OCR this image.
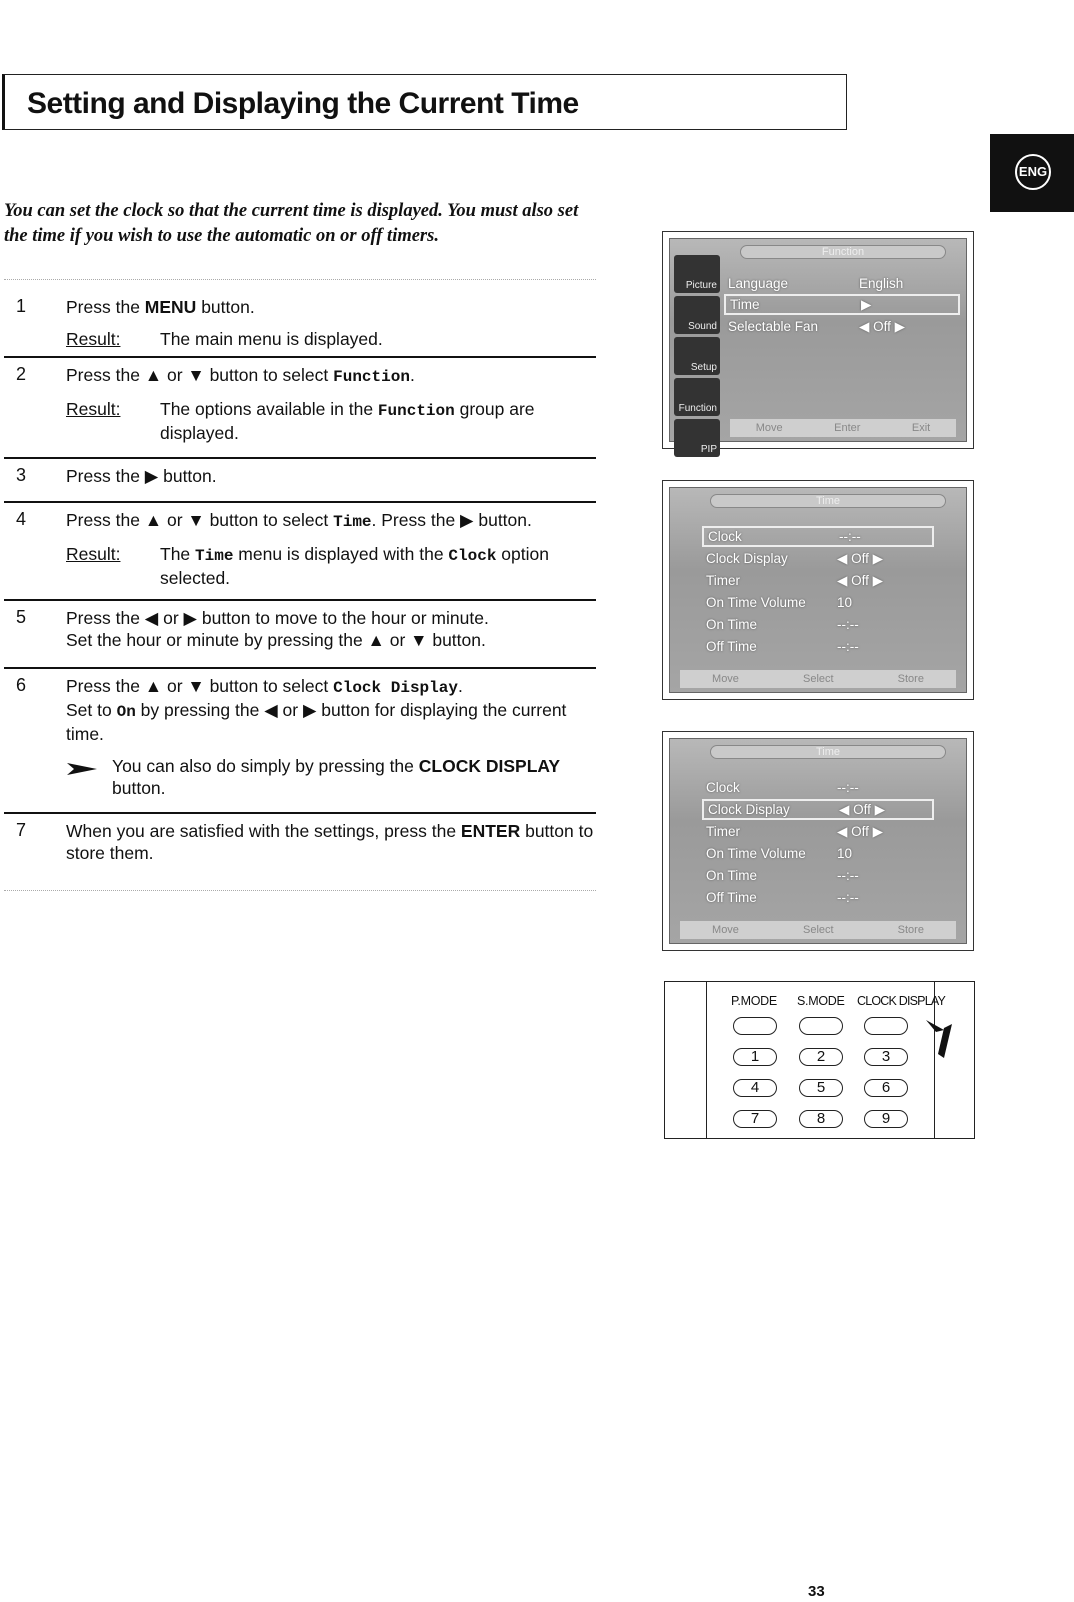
Setting and Displaying the Current Time
ENG

You can set the clock so that the current time is displayed. You must also set the time if you wish to use the automatic on or off timers.

1 Press the MENU button.
Result:	The main menu is displayed.
2 Press the ▲ or ▼ button to select Function.
Result:	The options available in the Function group are displayed.
3 Press the ▶ button.
4 Press the ▲ or ▼ button to select Time. Press the ▶ button.
Result:	The Time menu is displayed with the Clock option selected.
5 Press the ◀ or ▶ button to move to the hour or minute.
Set the hour or minute by pressing the ▲ or ▼ button.
6 Press the ▲ or ▼ button to select Clock Display.
Set to On by pressing the ◀ or ▶ button for displaying the current time.
You can also do simply by pressing the CLOCK DISPLAY button.
7 When you are satisfied with the settings, press the ENTER button to store them.
Function
Picture
Sound
Setup
Function
PIP
Language	English
Time	▶
Selectable Fan	◀ Off ▶
Move	Enter	Exit
Time
Clock	--:--
Clock Display	◀ Off ▶
Timer	◀ Off ▶
On Time Volume	10
On Time	--:--
Off Time	--:--
Move	Select	Store
Time
Clock	--:--
Clock Display	◀ Off ▶
Timer	◀ Off ▶
On Time Volume	10
On Time	--:--
Off Time	--:--
Move	Select	Store
P.MODE S.MODE CLOCK DISPLAY
1	2	3
4	5	6
7	8	9
33
